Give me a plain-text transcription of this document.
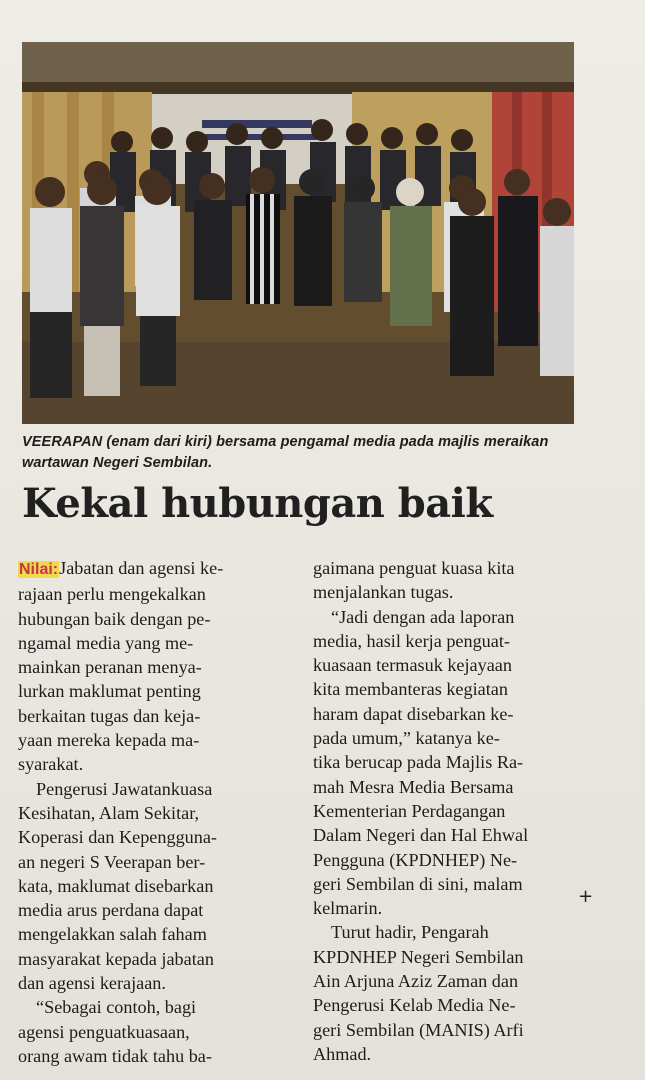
VEERAPAN (enam dari kiri) bersama pengamal media pada majlis meraikan wartawan Negeri Sembilan.
Kekal hubungan baik

Nilai:Jabatan dan agensi ke-

rajaan perlu mengekalkan

hubungan baik dengan pe-

ngamal media yang me-

mainkan peranan menya-

lurkan maklumat penting

berkaitan tugas dan keja-

yaan mereka kepada ma-

syarakat.

Pengerusi Jawatankuasa

Kesihatan, Alam Sekitar,

Koperasi dan Kepengguna-

an negeri S Veerapan ber-

kata, maklumat disebarkan

media arus perdana dapat

mengelakkan salah faham

masyarakat kepada jabatan

dan agensi kerajaan.

“Sebagai contoh, bagi

agensi penguatkuasaan,

orang awam tidak tahu ba-

gaimana penguat kuasa kita

menjalankan tugas.

“Jadi dengan ada laporan

media, hasil kerja penguat-

kuasaan termasuk kejayaan

kita membanteras kegiatan

haram dapat disebarkan ke-

pada umum,” katanya ke-

tika berucap pada Majlis Ra-

mah Mesra Media Bersama

Kementerian Perdagangan

Dalam Negeri dan Hal Ehwal

Pengguna (KPDNHEP) Ne-

geri Sembilan di sini, malam

kelmarin.

Turut hadir, Pengarah

KPDNHEP Negeri Sembilan

Ain Arjuna Aziz Zaman dan

Pengerusi Kelab Media Ne-

geri Sembilan (MANIS) Arfi

Ahmad.

+
